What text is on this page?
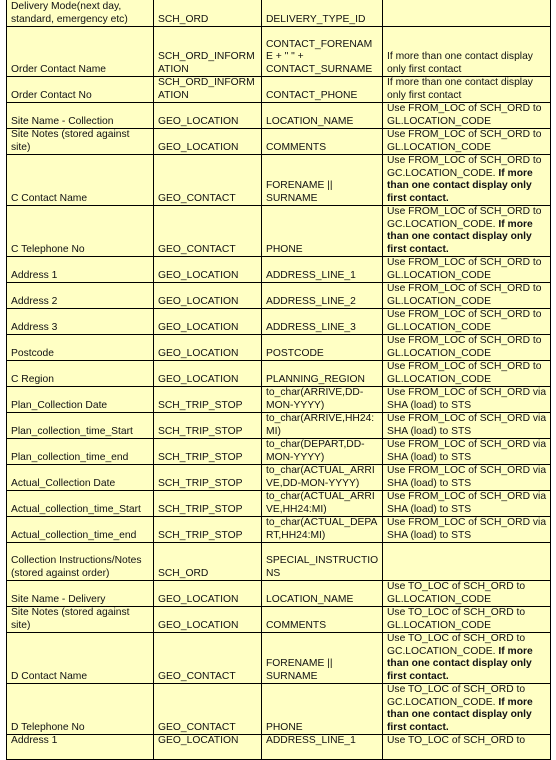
Delivery Mode(next day, standard, emergency etc)	SCH_ORD	DELIVERY_TYPE_ID	
Order Contact Name	SCH_ORD_INFORMATION	CONTACT_FORENAME + " " + CONTACT_SURNAME	If more than one contact display only first contact
Order Contact No	SCH_ORD_INFORMATION	CONTACT_PHONE	If more than one contact display only first contact
Site Name - Collection	GEO_LOCATION	LOCATION_NAME	Use FROM_LOC of SCH_ORD to GL.LOCATION_CODE
Site Notes (stored against site)	GEO_LOCATION	COMMENTS	Use FROM_LOC of SCH_ORD to GL.LOCATION_CODE
C Contact Name	GEO_CONTACT	FORENAME || SURNAME	Use FROM_LOC of SCH_ORD to GC.LOCATION_CODE. If more than one contact display only first contact.
C Telephone No	GEO_CONTACT	PHONE	Use FROM_LOC of SCH_ORD to GC.LOCATION_CODE. If more than one contact display only first contact.
Address 1	GEO_LOCATION	ADDRESS_LINE_1	Use FROM_LOC of SCH_ORD to GL.LOCATION_CODE
Address 2	GEO_LOCATION	ADDRESS_LINE_2	Use FROM_LOC of SCH_ORD to GL.LOCATION_CODE
Address 3	GEO_LOCATION	ADDRESS_LINE_3	Use FROM_LOC of SCH_ORD to GL.LOCATION_CODE
Postcode	GEO_LOCATION	POSTCODE	Use FROM_LOC of SCH_ORD to GL.LOCATION_CODE
C Region	GEO_LOCATION	PLANNING_REGION	Use FROM_LOC of SCH_ORD to GL.LOCATION_CODE
Plan_Collection Date	SCH_TRIP_STOP	to_char(ARRIVE,DD-MON-YYYY)	Use FROM_LOC of SCH_ORD via SHA (load) to STS
Plan_collection_time_Start	SCH_TRIP_STOP	to_char(ARRIVE,HH24:MI)	Use FROM_LOC of SCH_ORD via SHA (load) to STS
Plan_collection_time_end	SCH_TRIP_STOP	to_char(DEPART,DD-MON-YYYY)	Use FROM_LOC of SCH_ORD via SHA (load) to STS
Actual_Collection Date	SCH_TRIP_STOP	to_char(ACTUAL_ARRIVE,DD-MON-YYYY)	Use FROM_LOC of SCH_ORD via SHA (load) to STS
Actual_collection_time_Start	SCH_TRIP_STOP	to_char(ACTUAL_ARRIVE,HH24:MI)	Use FROM_LOC of SCH_ORD via SHA (load) to STS
Actual_collection_time_end	SCH_TRIP_STOP	to_char(ACTUAL_DEPART,HH24:MI)	Use FROM_LOC of SCH_ORD via SHA (load) to STS
Collection Instructions/Notes (stored against order)	SCH_ORD	SPECIAL_INSTRUCTIONS	
Site Name - Delivery	GEO_LOCATION	LOCATION_NAME	Use TO_LOC of SCH_ORD to GL.LOCATION_CODE
Site Notes (stored against site)	GEO_LOCATION	COMMENTS	Use TO_LOC of SCH_ORD to GL.LOCATION_CODE
D Contact Name	GEO_CONTACT	FORENAME || SURNAME	Use TO_LOC of SCH_ORD to GC.LOCATION_CODE. If more than one contact display only first contact.
D Telephone No	GEO_CONTACT	PHONE	Use TO_LOC of SCH_ORD to GC.LOCATION_CODE. If more than one contact display only first contact.
Address 1	GEO_LOCATION	ADDRESS_LINE_1	Use TO_LOC of SCH_ORD to
